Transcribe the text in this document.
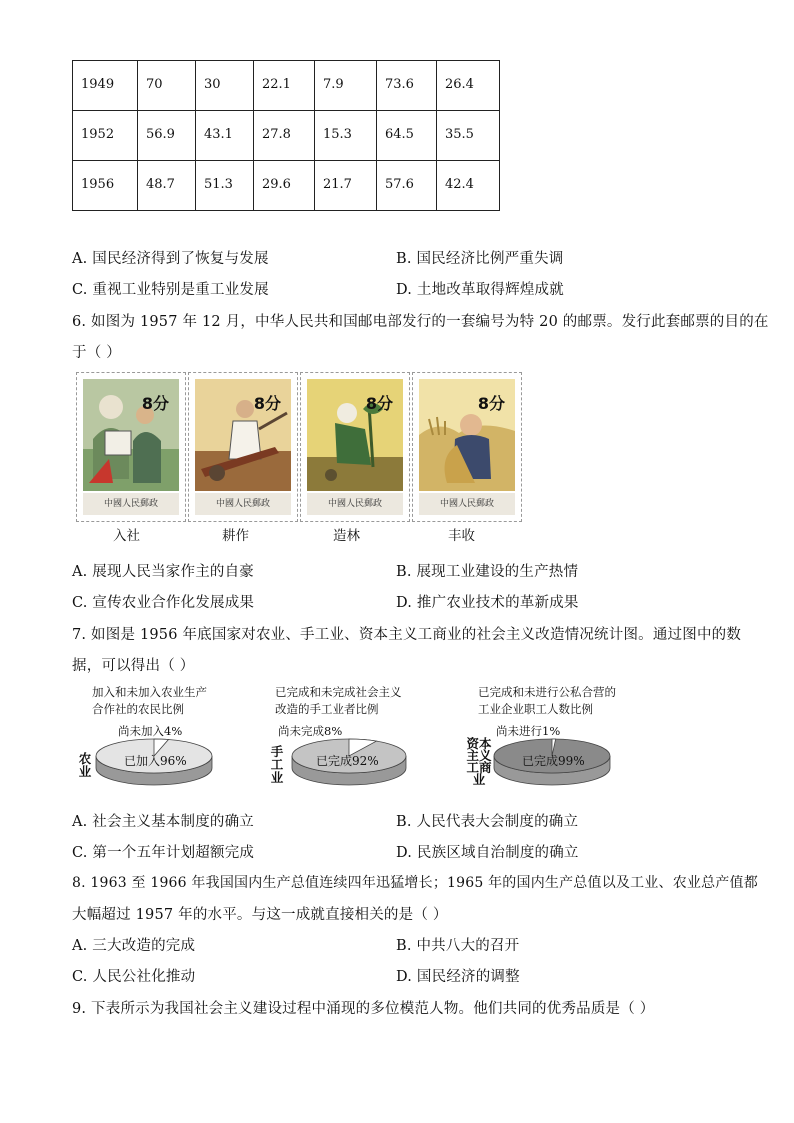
1949	70	30	22.1	7.9	73.6	26.4
1952	56.9	43.1	27.8	15.3	64.5	35.5
1956	48.7	51.3	29.6	21.7	57.6	42.4
A. 国民经济得到了恢复与发展	B. 国民经济比例严重失调
C. 重视工业特别是重工业发展	D. 土地改革取得辉煌成就
6. 如图为 1957 年 12 月，中华人民共和国邮电部发行的一套编号为特 20 的邮票。发行此套邮票的目的在
于（ ）
8分
中國人民郵政
8分
中國人民郵政
8分
中國人民郵政
8分
中國人民郵政
入社	耕作	造林	丰收
A. 展现人民当家作主的自豪	B. 展现工业建设的生产热情
C. 宣传农业合作化发展成果	D. 推广农业技术的革新成果
7. 如图是 1956 年底国家对农业、手工业、资本主义工商业的社会主义改造情况统计图。通过图中的数
据，可以得出（ ）
加入和未加入农业生产
合作社的农民比例
尚未加入4%
农业
已加入96%
已完成和未完成社会主义
改造的手工业者比例
尚未完成8%
手工业
已完成92%
已完成和未进行公私合营的
工业企业职工人数比例
尚未进行1%
资本主义工商业
已完成99%
A. 社会主义基本制度的确立	B. 人民代表大会制度的确立
C. 第一个五年计划超额完成	D. 民族区域自治制度的确立
8. 1963 至 1966 年我国国内生产总值连续四年迅猛增长；1965 年的国内生产总值以及工业、农业总产值都
大幅超过 1957 年的水平。与这一成就直接相关的是（ ）
A. 三大改造的完成	B. 中共八大的召开
C. 人民公社化推动	D. 国民经济的调整
9. 下表所示为我国社会主义建设过程中涌现的多位模范人物。他们共同的优秀品质是（ ）
